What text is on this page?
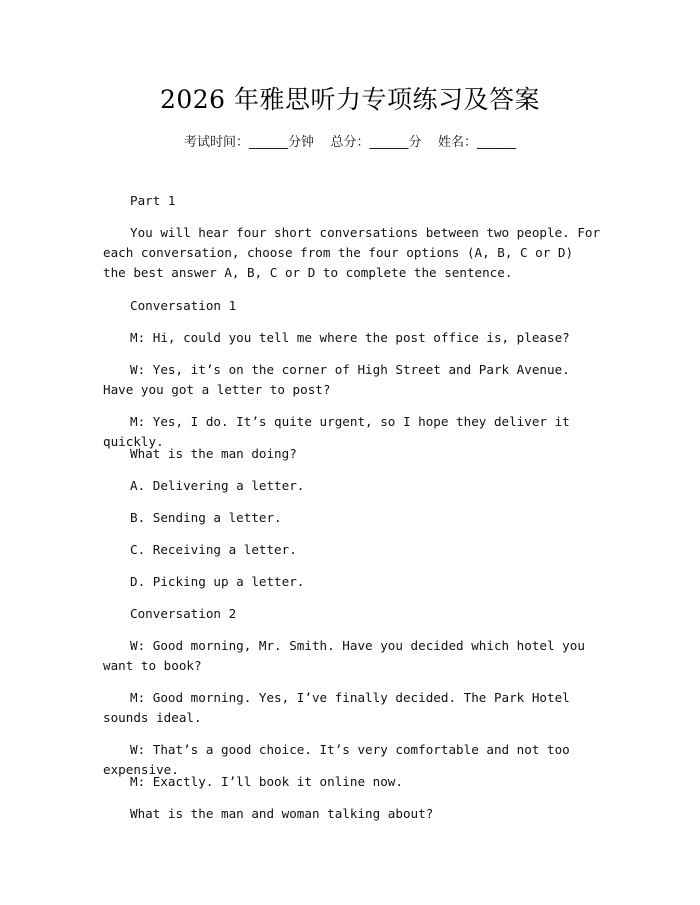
2026 年雅思听力专项练习及答案
考试时间：______分钟    总分：______分    姓名：______

Part 1

You will hear four short conversations between two people. For each conversation, choose from the four options (A, B, C or D) the best answer A, B, C or D to complete the sentence.

Conversation 1

M: Hi, could you tell me where the post office is, please?

W: Yes, it’s on the corner of High Street and Park Avenue. Have you got a letter to post?

M: Yes, I do. It’s quite urgent, so I hope they deliver it quickly.

What is the man doing?

A. Delivering a letter.

B. Sending a letter.

C. Receiving a letter.

D. Picking up a letter.

Conversation 2

W: Good morning, Mr. Smith. Have you decided which hotel you want to book?

M: Good morning. Yes, I’ve finally decided. The Park Hotel sounds ideal.

W: That’s a good choice. It’s very comfortable and not too expensive.

M: Exactly. I’ll book it online now.

What is the man and woman talking about?
